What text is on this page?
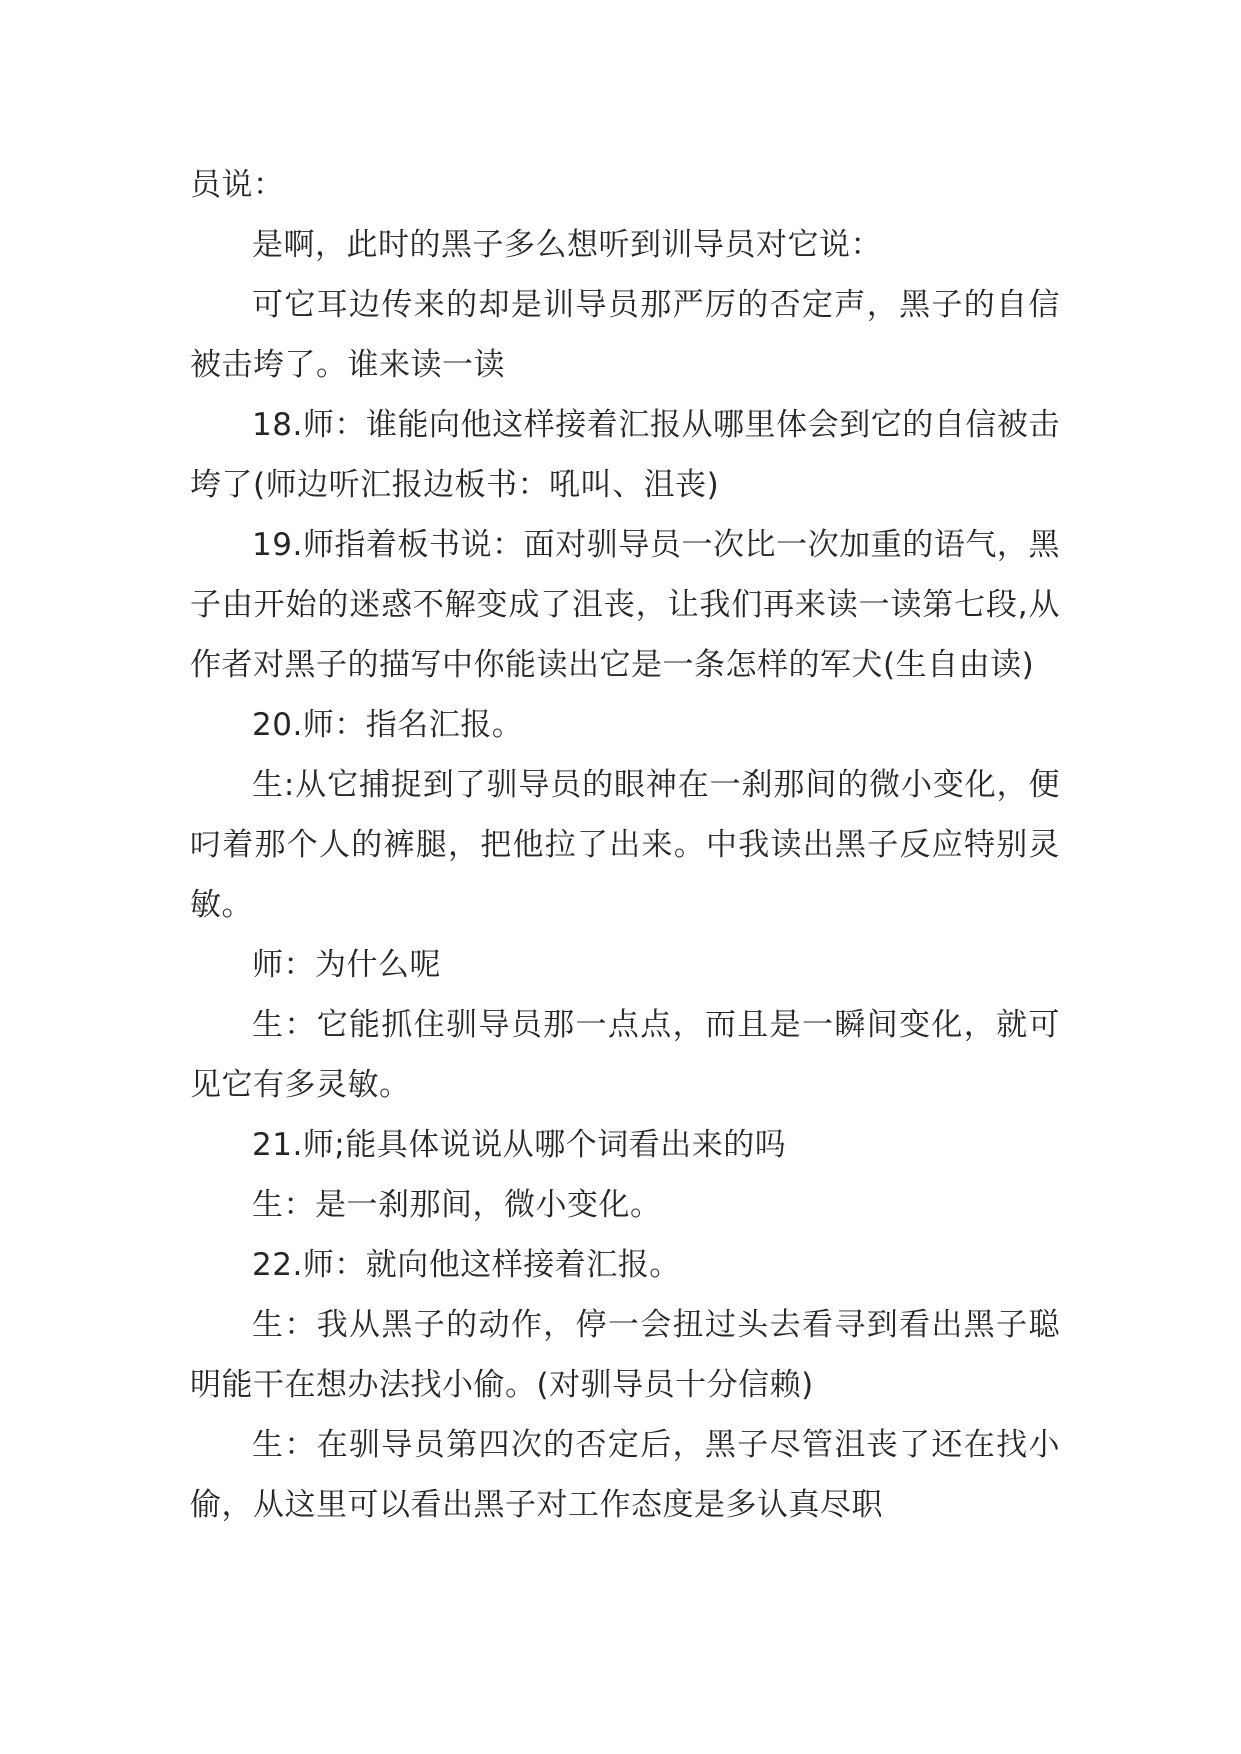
员说：

是啊，此时的黑子多么想听到训导员对它说：

可它耳边传来的却是训导员那严厉的否定声，黑子的自信被击垮了。谁来读一读

18.师：谁能向他这样接着汇报从哪里体会到它的自信被击垮了(师边听汇报边板书：吼叫、沮丧)

19.师指着板书说：面对驯导员一次比一次加重的语气，黑子由开始的迷惑不解变成了沮丧，让我们再来读一读第七段,从作者对黑子的描写中你能读出它是一条怎样的军犬(生自由读)

20.师：指名汇报。

生:从它捕捉到了驯导员的眼神在一刹那间的微小变化，便叼着那个人的裤腿，把他拉了出来。中我读出黑子反应特别灵敏。

师：为什么呢

生：它能抓住驯导员那一点点，而且是一瞬间变化，就可见它有多灵敏。

21.师;能具体说说从哪个词看出来的吗

生：是一刹那间，微小变化。

22.师：就向他这样接着汇报。

生：我从黑子的动作，停一会扭过头去看寻到看出黑子聪明能干在想办法找小偷。(对驯导员十分信赖)

生：在驯导员第四次的否定后，黑子尽管沮丧了还在找小偷，从这里可以看出黑子对工作态度是多认真尽职
